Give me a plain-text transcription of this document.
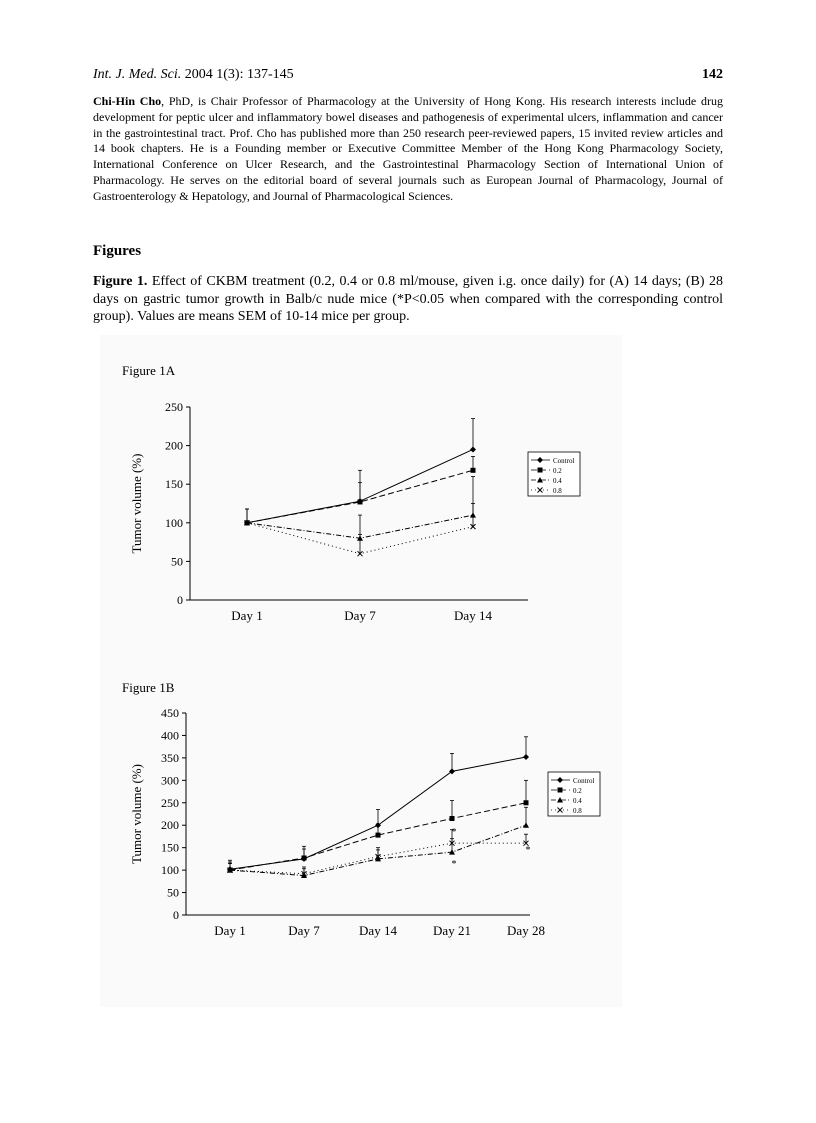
Int. J. Med. Sci. 2004 1(3): 137-145	142

Chi-Hin Cho, PhD, is Chair Professor of Pharmacology at the University of Hong Kong. His research interests include drug development for peptic ulcer and inflammatory bowel diseases and pathogenesis of experimental ulcers, inflammation and cancer in the gastrointestinal tract. Prof. Cho has published more than 250 research peer-reviewed papers, 15 invited review articles and 14 book chapters. He is a Founding member or Executive Committee Member of the Hong Kong Pharmacology Society, International Conference on Ulcer Research, and the Gastrointestinal Pharmacology Section of International Union of Pharmacology. He serves on the editorial board of several journals such as European Journal of Pharmacology, Journal of Gastroenterology & Hepatology, and Journal of Pharmacological Sciences.

Figures

Figure 1. Effect of CKBM treatment (0.2, 0.4 or 0.8 ml/mouse, given i.g. once daily) for (A) 14 days; (B) 28 days on gastric tumor growth in Balb/c nude mice (*P<0.05 when compared with the corresponding control group). Values are means SEM of 10-14 mice per group.

Figure 1A
Tumor volume (%)
0
50
100
150
200
250
Day 1	Day 7	Day 14
Control
0.2
0.4
0.8
Figure 1B
Tumor volume (%)
0
50
100
150
200
250
300
350
400
450
Day 1	Day 7	Day 14	Day 21	Day 28
Control
0.2
0.4
0.8
*
*
*
